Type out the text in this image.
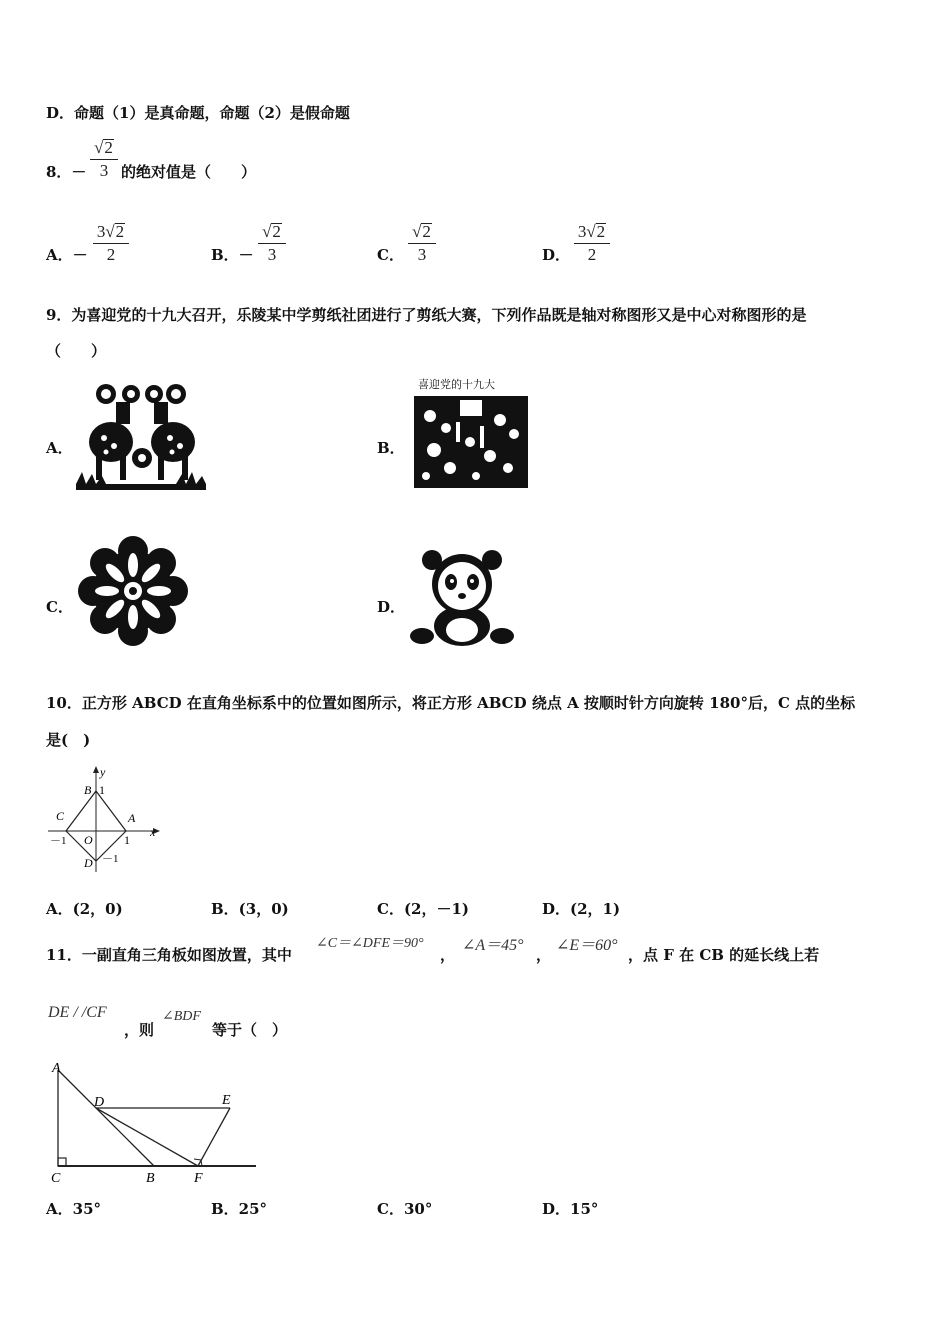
D．命题（1）是真命题，命题（2）是假命题
8．－
√2
3 的绝对值是（　　）
A．－
3√2
2	B．－
√2
3	C．
√2
3	D．
3√2
2
9．为喜迎党的十九大召开，乐陵某中学剪纸社团进行了剪纸大赛，下列作品既是轴对称图形又是中心对称图形的是
（　　）
A．	B．
喜迎党的十九大
C．	D．
10．正方形 ABCD 在直角坐标系中的位置如图所示，将正方形 ABCD 绕点 A 按顺时针方向旋转 180°后，C 点的坐标
是(　)
y
x
B 1
C	A
－1 O	1
D －1
A．(2，0)	B．(3，0)	C．(2，－1)	D．(2，1)
11．一副直角三角板如图放置，其中
∠C＝∠DFE＝90°
，
∠A＝45°
，
∠E＝60°
，点 F 在 CB 的延长线上若
DE / /CF
，则
∠BDF
等于（　）
A
D	E
C	B	F
A．35°	B．25°	C．30°	D．15°
